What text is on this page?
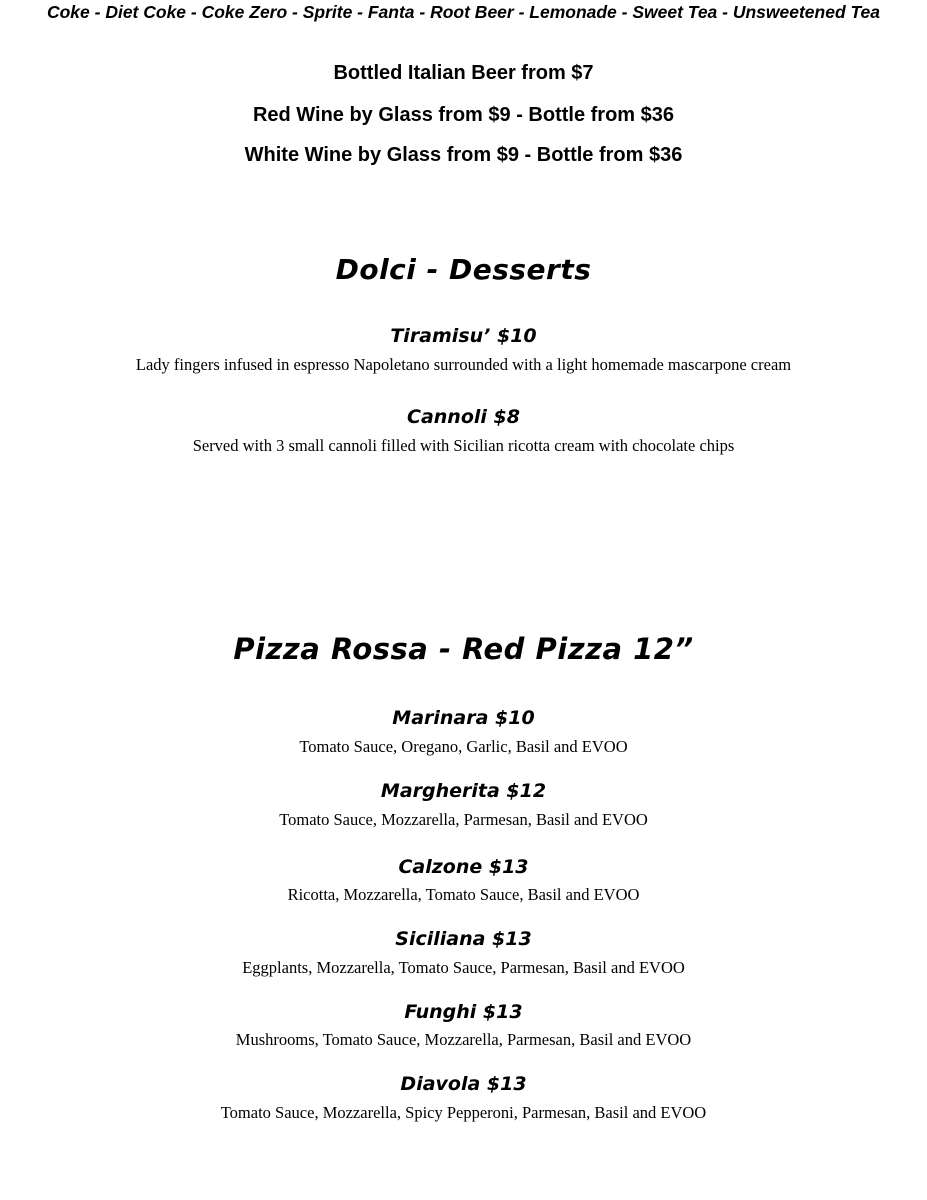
Coke - Diet Coke - Coke Zero - Sprite - Fanta - Root Beer - Lemonade - Sweet Tea - Unsweetened Tea

Bottled Italian Beer from $7

Red Wine by Glass from $9 - Bottle from $36

White Wine by Glass from $9 - Bottle from $36

Dolci - Desserts

Tiramisu’ $10

Lady fingers infused in espresso Napoletano surrounded with a light homemade mascarpone cream

Cannoli $8

Served with 3 small cannoli filled with Sicilian ricotta cream with chocolate chips

Pizza Rossa - Red Pizza 12”

Marinara $10

Tomato Sauce, Oregano, Garlic, Basil and EVOO

Margherita $12

Tomato Sauce, Mozzarella, Parmesan, Basil and EVOO

Calzone $13

Ricotta, Mozzarella, Tomato Sauce, Basil and EVOO

Siciliana $13

Eggplants, Mozzarella, Tomato Sauce, Parmesan, Basil and EVOO

Funghi $13

Mushrooms, Tomato Sauce, Mozzarella, Parmesan, Basil and EVOO

Diavola $13

Tomato Sauce, Mozzarella, Spicy Pepperoni, Parmesan, Basil and EVOO
